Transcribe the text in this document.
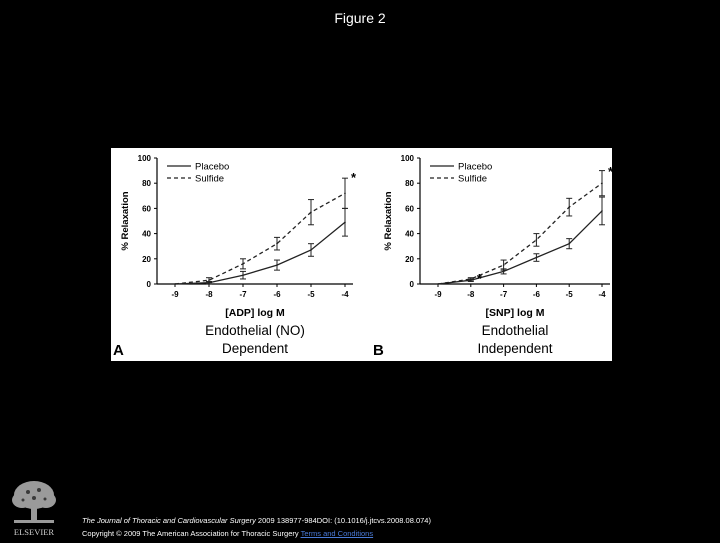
Figure 2
0
20
40
60
80
100
-9	-8	-7	-6	-5	-4
% Relaxation
[ADP] log M
Endothelial (NO)
Dependent
A
Placebo
Sulfide	*
0
20
40
60
80
100
-9	-8	-7	-6	-5	-4
% Relaxation
[SNP] log M
Endothelial
Independent
B
Placebo
Sulfide
*
*
ELSEVIER
The Journal of Thoracic and Cardiovascular Surgery 2009 138977-984DOI: (10.1016/j.jtcvs.2008.08.074)
Copyright © 2009 The American Association for Thoracic Surgery Terms and Conditions
